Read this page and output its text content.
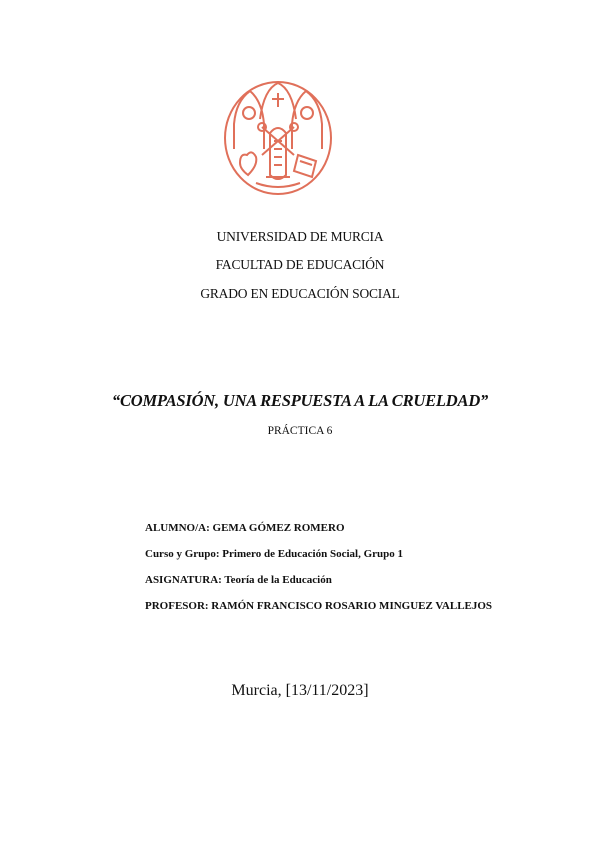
UNIVERSIDAD DE MURCIA
FACULTAD DE EDUCACIÓN
GRADO EN EDUCACIÓN SOCIAL
“COMPASIÓN, UNA RESPUESTA A LA CRUELDAD”
PRÁCTICA 6
ALUMNO/A: GEMA GÓMEZ ROMERO
Curso y Grupo: Primero de Educación Social, Grupo 1
ASIGNATURA: Teoría de la Educación
PROFESOR: RAMÓN FRANCISCO ROSARIO MINGUEZ VALLEJOS
Murcia, [13/11/2023]
